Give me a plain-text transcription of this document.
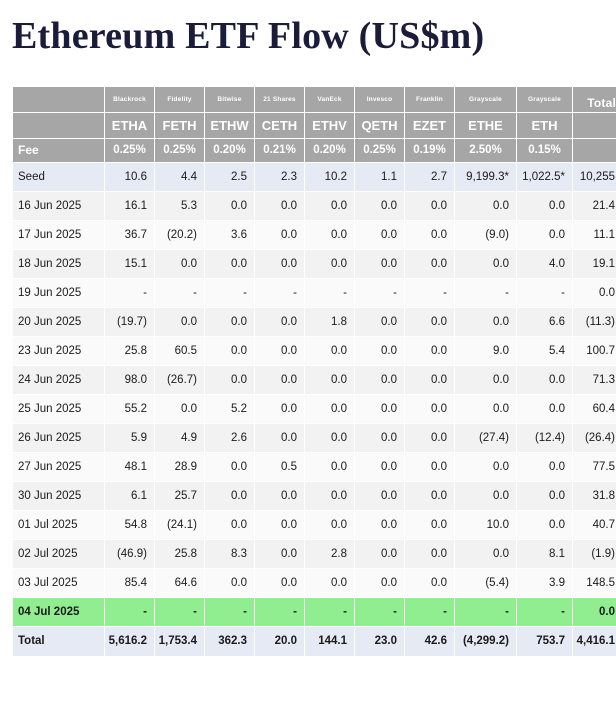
Ethereum ETF Flow (US$m)
	Blackrock	Fidelity	Bitwise	21 Shares	VanEck	Invesco	Franklin	Grayscale	Grayscale	Total
	ETHA	FETH	ETHW	CETH	ETHV	QETH	EZET	ETHE	ETH	
Fee	0.25%	0.25%	0.20%	0.21%	0.20%	0.25%	0.19%	2.50%	0.15%	
Seed	10.6	4.4	2.5	2.3	10.2	1.1	2.7	9,199.3*	1,022.5*	10,255
16 Jun 2025	16.1	5.3	0.0	0.0	0.0	0.0	0.0	0.0	0.0	21.4
17 Jun 2025	36.7	(20.2)	3.6	0.0	0.0	0.0	0.0	(9.0)	0.0	11.1
18 Jun 2025	15.1	0.0	0.0	0.0	0.0	0.0	0.0	0.0	4.0	19.1
19 Jun 2025	-	-	-	-	-	-	-	-	-	0.0
20 Jun 2025	(19.7)	0.0	0.0	0.0	1.8	0.0	0.0	0.0	6.6	(11.3)
23 Jun 2025	25.8	60.5	0.0	0.0	0.0	0.0	0.0	9.0	5.4	100.7
24 Jun 2025	98.0	(26.7)	0.0	0.0	0.0	0.0	0.0	0.0	0.0	71.3
25 Jun 2025	55.2	0.0	5.2	0.0	0.0	0.0	0.0	0.0	0.0	60.4
26 Jun 2025	5.9	4.9	2.6	0.0	0.0	0.0	0.0	(27.4)	(12.4)	(26.4)
27 Jun 2025	48.1	28.9	0.0	0.5	0.0	0.0	0.0	0.0	0.0	77.5
30 Jun 2025	6.1	25.7	0.0	0.0	0.0	0.0	0.0	0.0	0.0	31.8
01 Jul 2025	54.8	(24.1)	0.0	0.0	0.0	0.0	0.0	10.0	0.0	40.7
02 Jul 2025	(46.9)	25.8	8.3	0.0	2.8	0.0	0.0	0.0	8.1	(1.9)
03 Jul 2025	85.4	64.6	0.0	0.0	0.0	0.0	0.0	(5.4)	3.9	148.5
04 Jul 2025	-	-	-	-	-	-	-	-	-	0.0
Total	5,616.2	1,753.4	362.3	20.0	144.1	23.0	42.6	(4,299.2)	753.7	4,416.1
